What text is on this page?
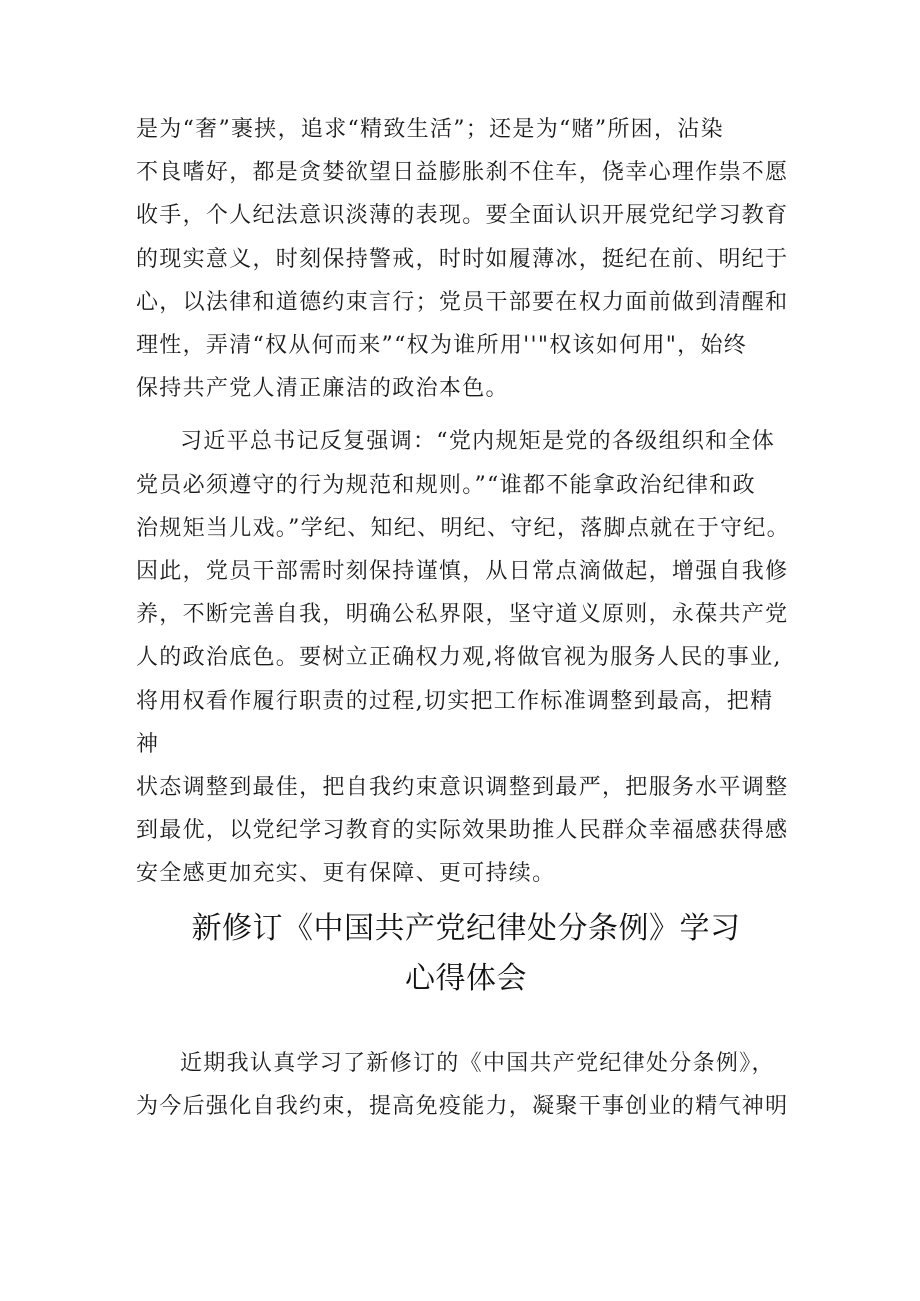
是为“奢”裹挟，追求“精致生活”；还是为“赌”所困，沾染
不良嗜好，都是贪婪欲望日益膨胀刹不住车，侥幸心理作祟不愿
收手，个人纪法意识淡薄的表现。要全面认识开展党纪学习教育
的现实意义，时刻保持警戒，时时如履薄冰，挺纪在前、明纪于
心，以法律和道德约束言行；党员干部要在权力面前做到清醒和
理性，弄清“权从何而来”“权为谁所用''"权该如何用"，始终
保持共产党人清正廉洁的政治本色。

习近平总书记反复强调：“党内规矩是党的各级组织和全体
党员必须遵守的行为规范和规则。”“谁都不能拿政治纪律和政
治规矩当儿戏。”学纪、知纪、明纪、守纪，落脚点就在于守纪。
因此，党员干部需时刻保持谨慎，从日常点滴做起，增强自我修
养，不断完善自我，明确公私界限，坚守道义原则，永葆共产党
人的政治底色。要树立正确权力观,将做官视为服务人民的事业,
将用权看作履行职责的过程,切实把工作标准调整到最高，把精神
状态调整到最佳，把自我约束意识调整到最严，把服务水平调整
到最优，以党纪学习教育的实际效果助推人民群众幸福感获得感
安全感更加充实、更有保障、更可持续。

新修订《中国共产党纪律处分条例》学习
心得体会

近期我认真学习了新修订的《中国共产党纪律处分条例》，
为今后强化自我约束，提高免疫能力，凝聚干事创业的精气神明
